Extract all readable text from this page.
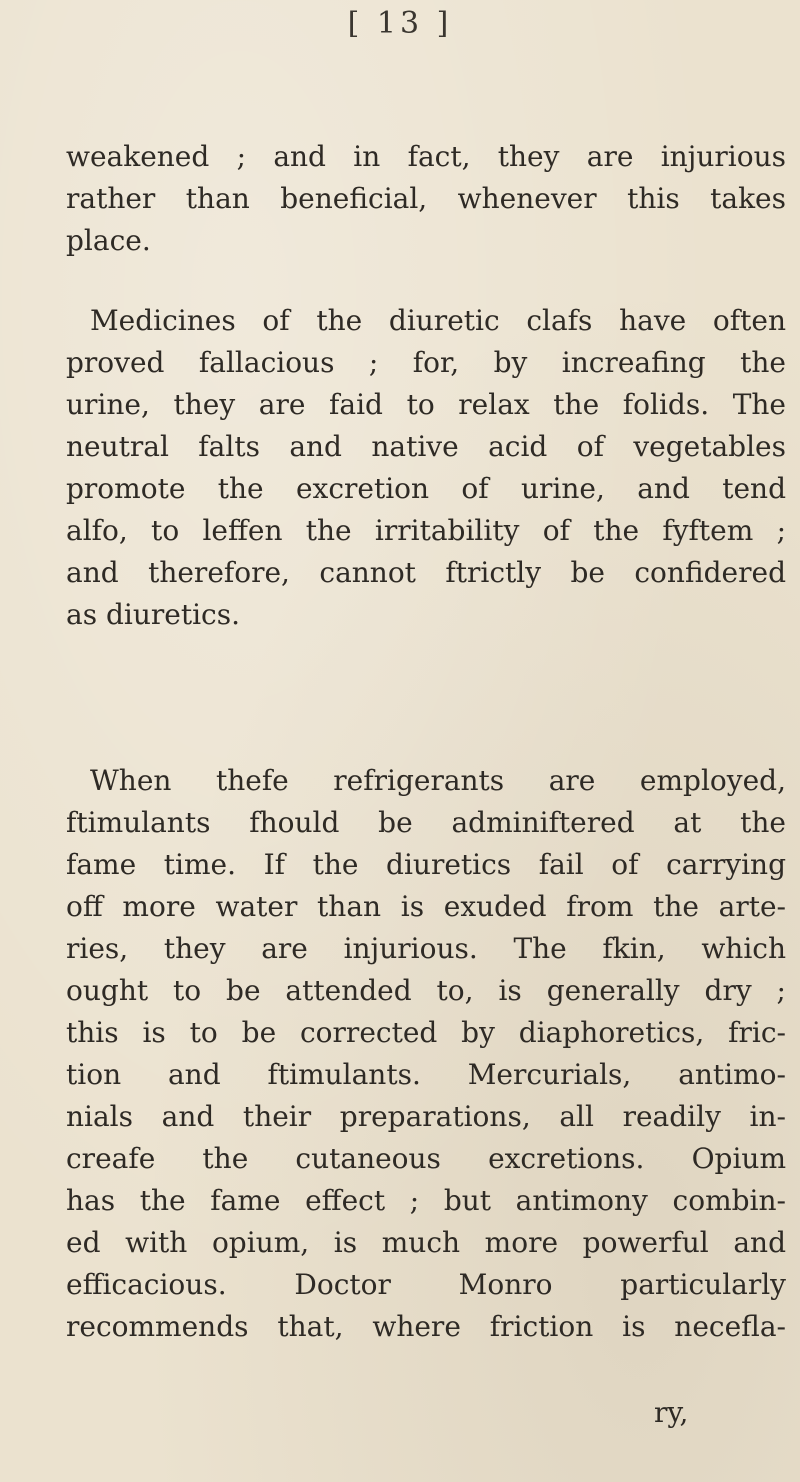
[ 13 ]
weakened ; and in fact, they are injurious
rather than beneficial, whenever this takes
place.
Medicines of the diuretic clafs have often
proved fallacious ; for, by increafing the
urine, they are faid to relax the folids. The
neutral falts and native acid of vegetables
promote the excretion of urine, and tend
alfo, to leffen the irritability of the fyftem ;
and therefore, cannot ftrictly be confidered
as diuretics.
When thefe refrigerants are employed,
ftimulants fhould be adminiftered at the
fame time. If the diuretics fail of carrying
off more water than is exuded from the arte-
ries, they are injurious. The fkin, which
ought to be attended to, is generally dry ;
this is to be corrected by diaphoretics, fric-
tion and ftimulants. Mercurials, antimo-
nials and their preparations, all readily in-
creafe the cutaneous excretions. Opium
has the fame effect ; but antimony combin-
ed with opium, is much more powerful and
efficacious. Doctor Monro particularly
recommends that, where friction is necefla-
ry,
